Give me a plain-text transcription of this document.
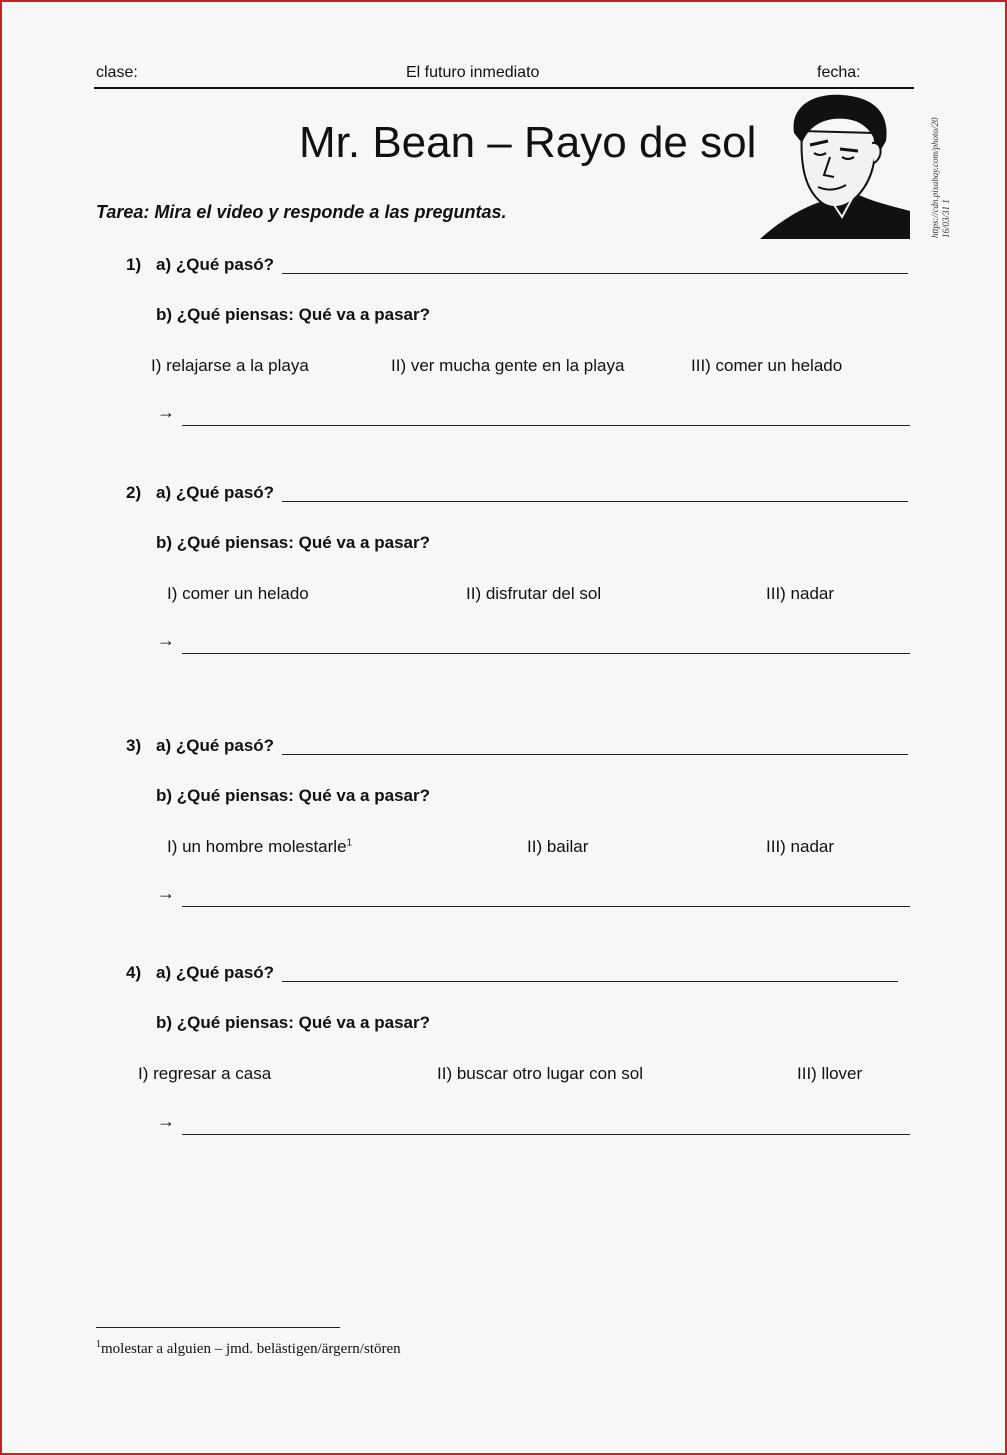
clase:	El futuro inmediato	fecha:
Mr. Bean – Rayo de sol	https://cdn.pixabay.com/photo/20 16/03/31 1
Tarea: Mira el video y responde a las preguntas.
1) a) ¿Qué pasó?
b) ¿Qué piensas: Qué va a pasar?
I) relajarse a la playa	II) ver mucha gente en la playa	III) comer un helado
→
2) a) ¿Qué pasó?
b) ¿Qué piensas: Qué va a pasar?
I) comer un helado	II) disfrutar del sol	III) nadar
→
3) a) ¿Qué pasó?
b) ¿Qué piensas: Qué va a pasar?
I) un hombre molestarle$^1$	II) bailar	III) nadar
→
4) a) ¿Qué pasó?
b) ¿Qué piensas: Qué va a pasar?
I) regresar a casa	II) buscar otro lugar con sol	III) llover
→
$^1$molestar a alguien – jmd. belästigen/ärgern/stören
